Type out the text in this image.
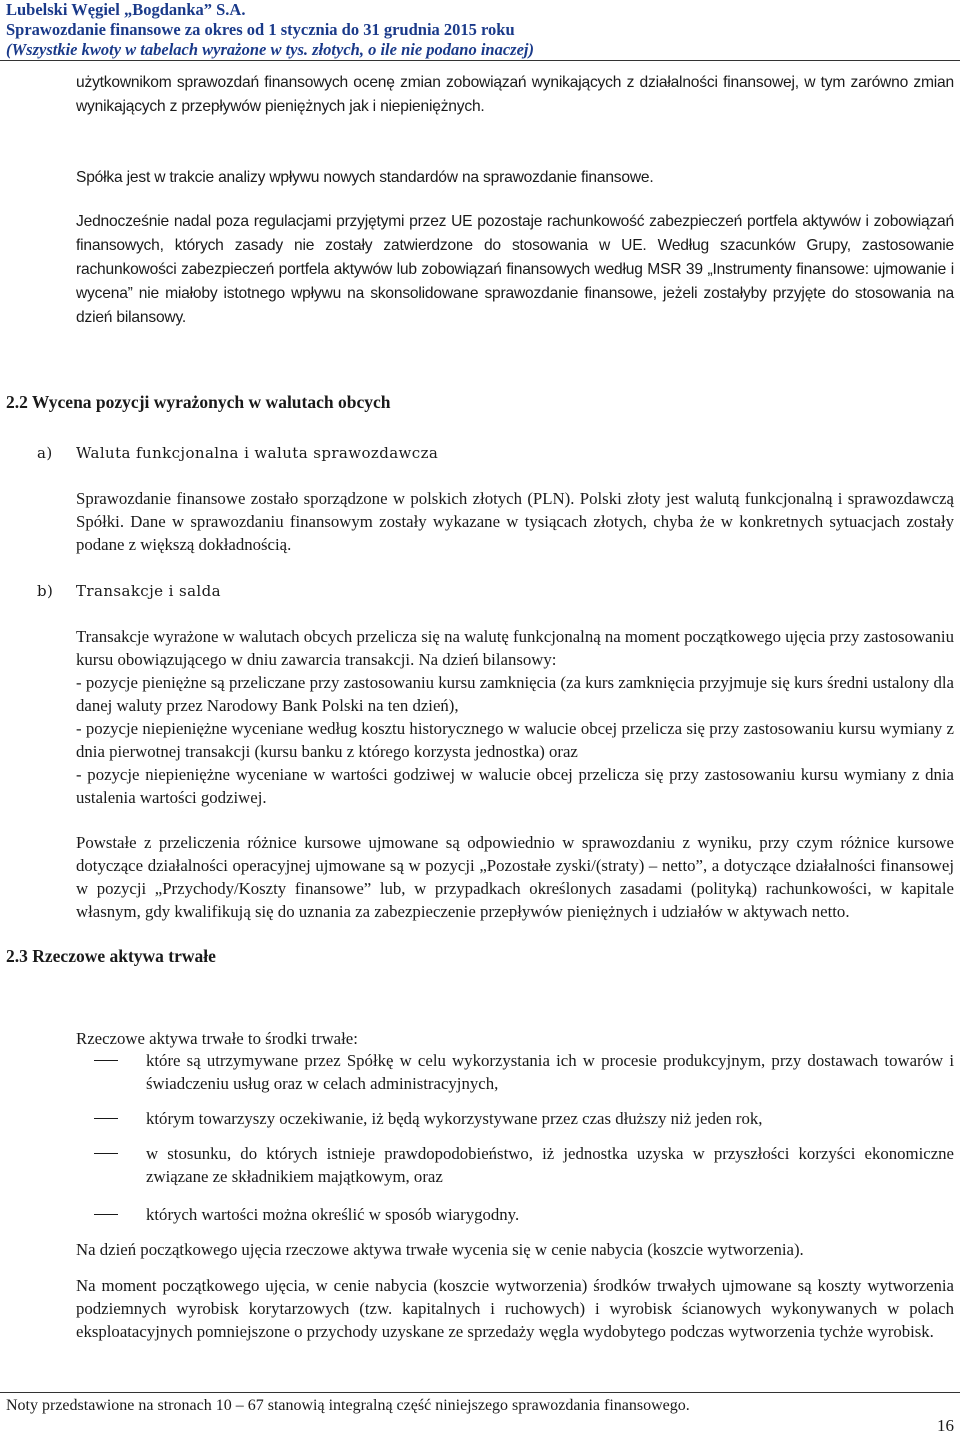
Lubelski Węgiel „Bogdanka” S.A.
Sprawozdanie finansowe za okres od 1 stycznia do 31 grudnia 2015 roku
(Wszystkie kwoty w tabelach wyrażone w tys. złotych, o ile nie podano inaczej)

użytkownikom sprawozdań finansowych ocenę zmian zobowiązań wynikających z działalności finansowej, w tym zarówno zmian wynikających z przepływów pieniężnych jak i niepieniężnych.

Spółka jest w trakcie analizy wpływu nowych standardów na sprawozdanie finansowe.

Jednocześnie nadal poza regulacjami przyjętymi przez UE pozostaje rachunkowość zabezpieczeń portfela aktywów i zobowiązań finansowych, których zasady nie zostały zatwierdzone do stosowania w UE. Według szacunków Grupy, zastosowanie rachunkowości zabezpieczeń portfela aktywów lub zobowiązań finansowych według MSR 39 „Instrumenty finansowe: ujmowanie i wycena” nie miałoby istotnego wpływu na skonsolidowane sprawozdanie finansowe, jeżeli zostałyby przyjęte do stosowania na dzień bilansowy.

2.2 Wycena pozycji wyrażonych w walutach obcych
a) Waluta funkcjonalna i waluta sprawozdawcza

Sprawozdanie finansowe zostało sporządzone w polskich złotych (PLN). Polski złoty jest walutą funkcjonalną i sprawozdawczą Spółki. Dane w sprawozdaniu finansowym zostały wykazane w tysiącach złotych, chyba że w konkretnych sytuacjach zostały podane z większą dokładnością.

b) Transakcje i salda

Transakcje wyrażone w walutach obcych przelicza się na walutę funkcjonalną na moment początkowego ujęcia przy zastosowaniu kursu obowiązującego w dniu zawarcia transakcji. Na dzień bilansowy:

- pozycje pieniężne są przeliczane przy zastosowaniu kursu zamknięcia (za kurs zamknięcia przyjmuje się kurs średni ustalony dla danej waluty przez Narodowy Bank Polski na ten dzień),

- pozycje niepieniężne wyceniane według kosztu historycznego w walucie obcej przelicza się przy zastosowaniu kursu wymiany z dnia pierwotnej transakcji (kursu banku z którego korzysta jednostka) oraz

- pozycje niepieniężne wyceniane w wartości godziwej w walucie obcej przelicza się przy zastosowaniu kursu wymiany z dnia ustalenia wartości godziwej.

Powstałe z przeliczenia różnice kursowe ujmowane są odpowiednio w sprawozdaniu z wyniku, przy czym różnice kursowe dotyczące działalności operacyjnej ujmowane są w pozycji „Pozostałe zyski/(straty) – netto”, a dotyczące działalności finansowej w pozycji „Przychody/Koszty finansowe” lub, w przypadkach określonych zasadami (polityką) rachunkowości, w kapitale własnym, gdy kwalifikują się do uznania za zabezpieczenie przepływów pieniężnych i udziałów w aktywach netto.

2.3 Rzeczowe aktywa trwałe

Rzeczowe aktywa trwałe to środki trwałe:

które są utrzymywane przez Spółkę w celu wykorzystania ich w procesie produkcyjnym, przy dostawach towarów i świadczeniu usług oraz w celach administracyjnych,

którym towarzyszy oczekiwanie, iż będą wykorzystywane przez czas dłuższy niż jeden rok,

w stosunku, do których istnieje prawdopodobieństwo, iż jednostka uzyska w przyszłości korzyści ekonomiczne związane ze składnikiem majątkowym, oraz

których wartości można określić w sposób wiarygodny.

Na dzień początkowego ujęcia rzeczowe aktywa trwałe wycenia się w cenie nabycia (koszcie wytworzenia).

Na moment początkowego ujęcia, w cenie nabycia (koszcie wytworzenia) środków trwałych ujmowane są koszty wytworzenia podziemnych wyrobisk korytarzowych (tzw. kapitalnych i ruchowych) i wyrobisk ścianowych wykonywanych w polach eksploatacyjnych pomniejszone o przychody uzyskane ze sprzedaży węgla wydobytego podczas wytworzenia tychże wyrobisk.

Noty przedstawione na stronach 10 – 67 stanowią integralną część niniejszego sprawozdania finansowego.
16
